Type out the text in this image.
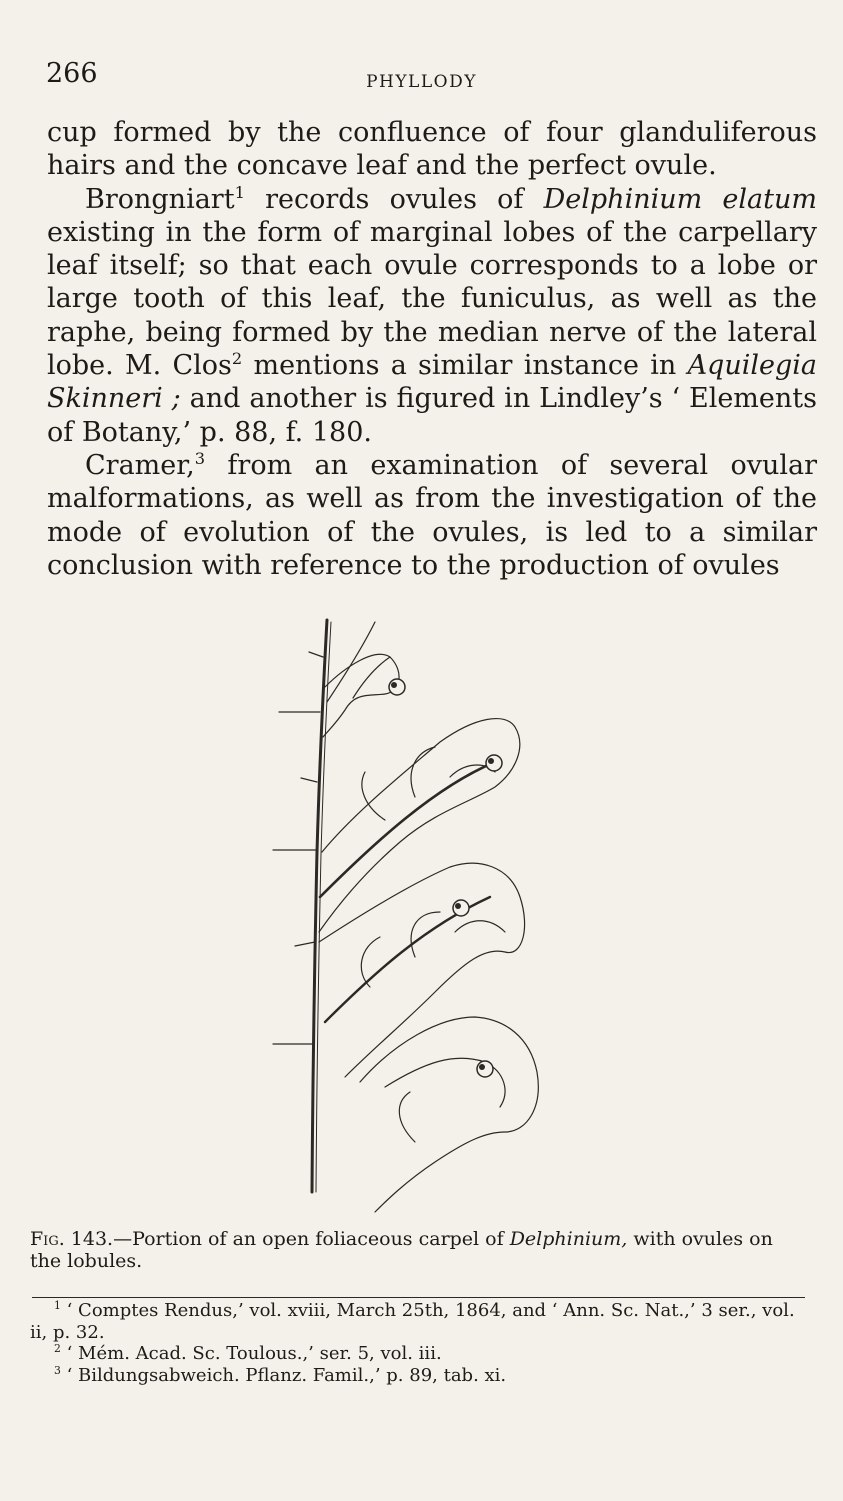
266	PHYLLODY

cup formed by the confluence of four glanduliferous hairs and the concave leaf and the perfect ovule.

Brongniart$^1$ records ovules of Delphinium elatum existing in the form of marginal lobes of the carpellary leaf itself; so that each ovule corresponds to a lobe or large tooth of this leaf, the funiculus, as well as the raphe, being formed by the median nerve of the lateral lobe. M. Clos$^2$ mentions a similar instance in Aquilegia Skinneri ; and another is figured in Lindley’s ‘ Elements of Botany,’ p. 88, f. 180.

Cramer,$^3$ from an examination of several ovular malformations, as well as from the investigation of the mode of evolution of the ovules, is led to a similar conclusion with reference to the production of ovules

Fig. 143.—Portion of an open foliaceous carpel of Delphinium, with ovules on the lobules.

$^1$ ‘ Comptes Rendus,’ vol. xviii, March 25th, 1864, and ‘ Ann. Sc. Nat.,’ 3 ser., vol. ii, p. 32.

$^2$ ‘ Mém. Acad. Sc. Toulous.,’ ser. 5, vol. iii.

$^3$ ‘ Bildungsabweich. Pflanz. Famil.,’ p. 89, tab. xi.
